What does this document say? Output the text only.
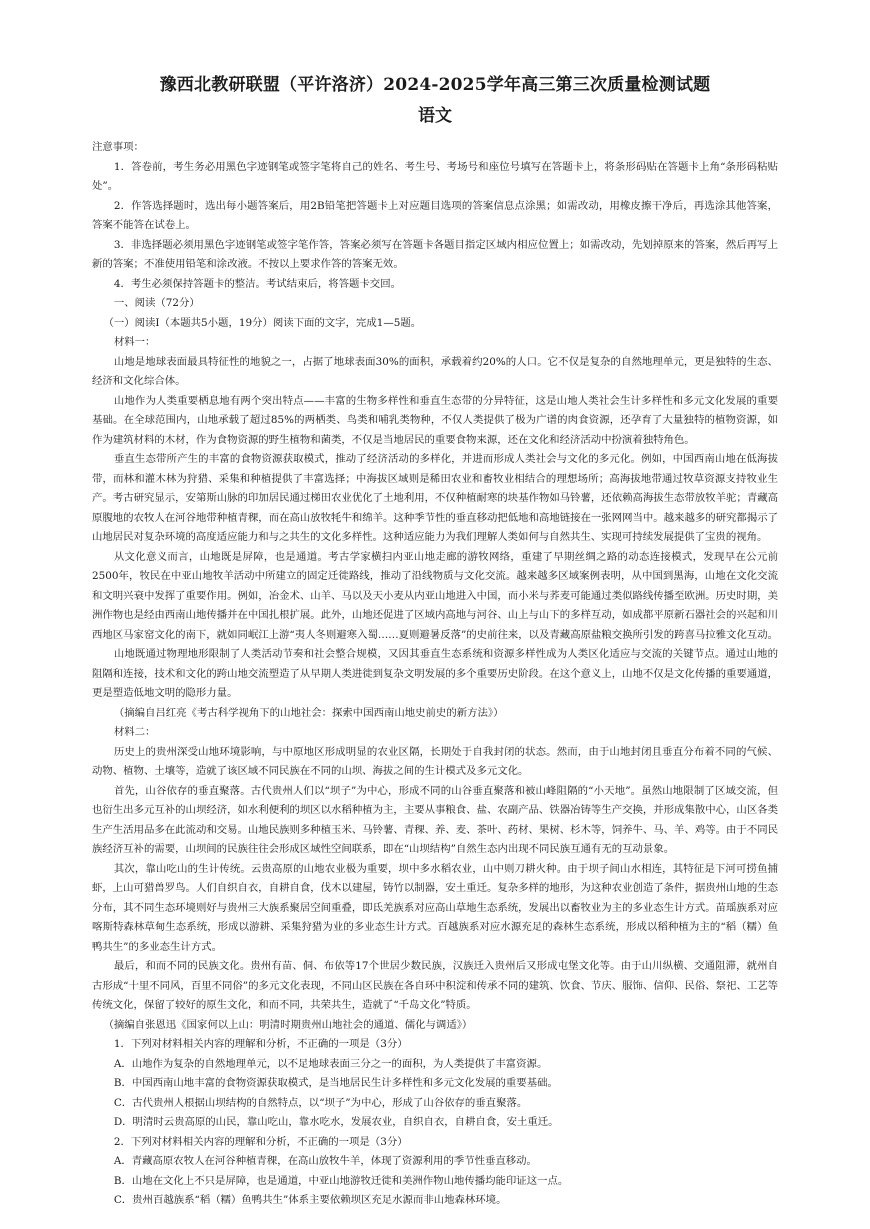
豫西北教研联盟（平许洛济）2024-2025学年高三第三次质量检测试题
语文

注意事项：

1．答卷前，考生务必用黑色字迹钢笔或签字笔将自己的姓名、考生号、考场号和座位号填写在答题卡上，将条形码贴在答题卡上角“条形码粘贴处”。

2．作答选择题时，选出每小题答案后，用2B铅笔把答题卡上对应题目选项的答案信息点涂黑；如需改动，用橡皮擦干净后，再选涂其他答案，答案不能答在试卷上。

3．非选择题必须用黑色字迹钢笔或签字笔作答，答案必须写在答题卡各题目指定区域内相应位置上；如需改动，先划掉原来的答案，然后再写上新的答案；不准使用铅笔和涂改液。不按以上要求作答的答案无效。

4．考生必须保持答题卡的整洁。考试结束后，将答题卡交回。

一、阅读（72分）

（一）阅读Ⅰ（本题共5小题，19分）阅读下面的文字，完成1—5题。

材料一：

山地是地球表面最具特征性的地貌之一，占据了地球表面30%的面积，承载着约20%的人口。它不仅是复杂的自然地理单元，更是独特的生态、经济和文化综合体。

山地作为人类重要栖息地有两个突出特点——丰富的生物多样性和垂直生态带的分异特征，这是山地人类社会生计多样性和多元文化发展的重要基础。在全球范围内，山地承载了超过85%的两栖类、鸟类和哺乳类物种，不仅人类提供了极为广谱的肉食资源，还孕育了大量独特的植物资源，如作为建筑材料的木材，作为食物资源的野生植物和菌类，不仅是当地居民的重要食物来源，还在文化和经济活动中扮演着独特角色。

垂直生态带所产生的丰富的食物资源获取模式，推动了经济活动的多样化，并进而形成人类社会与文化的多元化。例如，中国西南山地在低海拔带，而林和灌木林为狩猎、采集和种植提供了丰富选择；中海拔区域则是稀田农业和畜牧业相结合的理想场所；高海拔地带通过牧草资源支持牧业生产。考古研究显示，安第斯山脉的印加居民通过梯田农业优化了土地利用，不仅种植耐寒的块基作物如马铃薯，还依赖高海拔生态带放牧羊驼；青藏高原腹地的农牧人在河谷地带种植青稞，而在高山放牧牦牛和绵羊。这种季节性的垂直移动把低地和高地链接在一张网网当中。越来越多的研究都揭示了山地居民对复杂环境的高度适应能力和与之共生的文化多样性。这种适应能力为我们理解人类如何与自然共生、实现可持续发展提供了宝贵的视角。

从文化意义而言，山地既是屏障，也是通道。考古学家横扫内亚山地走廊的游牧网络，重建了早期丝绸之路的动态连接模式，发现早在公元前2500年，牧民在中亚山地牧羊活动中所建立的固定迁徙路线，推动了沿线物质与文化交流。越来越多区域案例表明，从中国到黑海，山地在文化交流和文明兴衰中发挥了重要作用。例如，冶金术、山羊、马以及天小麦从内亚山地进入中国，而小米与荞麦可能通过类似路线传播至欧洲。历史时期，美洲作物也是经由西南山地传播并在中国扎根扩展。此外，山地还促进了区域内高地与河谷、山上与山下的多样互动，如成都平原新石器社会的兴起和川西地区马家窑文化的南下，就如同岷江上游“夷人冬则避寒入蜀……夏则避暑反落”的史前往来，以及青藏高原盐粮交换所引发的跨喜马拉雅文化互动。

山地既通过物理地形限制了人类活动节奏和社会整合规模，又因其垂直生态系统和资源多样性成为人类区化适应与交流的关键节点。通过山地的阻隔和连接，技术和文化的跨山地交流塑造了从早期人类进徙到复杂文明发展的多个重要历史阶段。在这个意义上，山地不仅是文化传播的重要通道，更是塑造低地文明的隐形力量。

（摘编自吕红亮《考古科学视角下的山地社会：探索中国西南山地史前史的新方法》）

材料二：

历史上的贵州深受山地环境影响，与中原地区形成明显的农业区隔，长期处于自我封闭的状态。然而，由于山地封闭且垂直分布着不同的气候、动物、植物、土壤等，造就了该区域不同民族在不同的山坝、海拔之间的生计模式及多元文化。

首先，山谷依存的垂直聚落。古代贵州人们以“坝子”为中心，形成不同的山谷垂直聚落和被山峰阻隔的“小天地”。虽然山地限制了区域交流，但也衍生出多元互补的山坝经济，如水利便利的坝区以水稻种植为主，主要从事粮食、盐、农副产品、铁器冶铸等生产交换，并形成集散中心，山区各类生产生活用品多在此流动和交易。山地民族则多种植玉米、马铃薯、青稞、养、麦、茶叶、药材、果树、杉木等，饲养牛、马、羊、鸡等。由于不同民族经济互补的需要，山坝间的民族往往会形成区域性空间联系，即在“山坝结构”自然生态内出现不同民族互通有无的互动景象。

其次，靠山吃山的生计传统。云贵高原的山地农业极为重要，坝中多水稻农业，山中则刀耕火种。由于坝子间山水相连，其特征是下河可捞鱼捕虾，上山可猎兽罗鸟。人们自织自衣，自耕自食，伐木以建屋，铸竹以制器，安土重迁。复杂多样的地形，为这种农业创造了条件，据贵州山地的生态分布，其不同生态环境则好与贵州三大族系聚居空间重叠，即氐羌族系对应高山草地生态系统，发展出以畜牧业为主的多业态生计方式。苗瑶族系对应喀斯特森林草甸生态系统，形成以游耕、采集狩猎为业的多业态生计方式。百越族系对应水源充足的森林生态系统，形成以稻种植为主的“稻（糯）鱼鸭共生”的多业态生计方式。

最后，和而不同的民族文化。贵州有苗、侗、布依等17个世居少数民族，汉族迁入贵州后又形成屯堡文化等。由于山川纵横、交通阻滞，就州自古形成“十里不同风，百里不同俗”的多元文化表现，不同山区民族在各自环中积淀和传承不同的建筑、饮食、节庆、服饰、信仰、民俗、祭祀、工艺等传统文化，保留了较好的原生文化，和而不同，共荣共生，造就了“千岛文化”特质。

（摘编自张恩迅《国家何以上山：明清时期贵州山地社会的通道、儒化与调适》）

1．下列对材料相关内容的理解和分析，不正确的一项是（3分）

A．山地作为复杂的自然地理单元，以不足地球表面三分之一的面积，为人类提供了丰富资源。

B．中国西南山地丰富的食物资源获取模式，是当地居民生计多样性和多元文化发展的重要基础。

C．古代贵州人根据山坝结构的自然特点，以“坝子”为中心，形成了山谷依存的垂直聚落。

D．明清时云贵高原的山民，靠山吃山，靠水吃水，发展农业，自织自衣，自耕自食，安土重迁。

2．下列对材料相关内容的理解和分析，不正确的一项是（3分）

A．青藏高原农牧人在河谷种植青稞，在高山放牧牛羊，体现了资源利用的季节性垂直移动。

B．山地在文化上不只是屏障，也是通道，中亚山地游牧迁徙和美洲作物山地传播均能印证这一点。

C．贵州百越族系“稻（糯）鱼鸭共生”体系主要依赖坝区充足水源而非山地森林环境。
